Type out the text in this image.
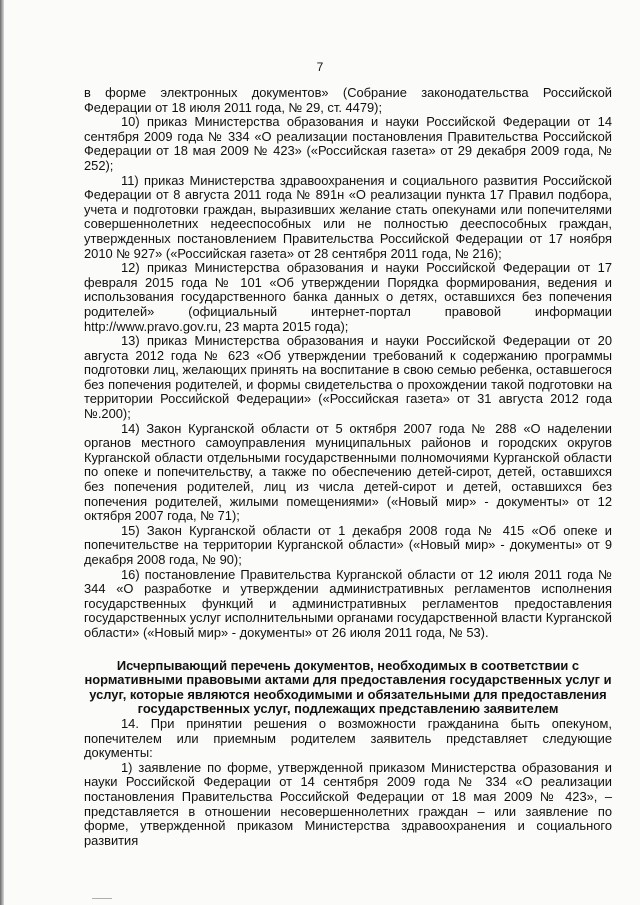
7

в форме электронных документов» (Собрание законодательства Российской Федерации от 18 июля 2011 года, № 29, ст. 4479);

10) приказ Министерства образования и науки Российской Федерации от 14 сентября 2009 года № 334 «О реализации постановления Правительства Российской Федерации от 18 мая 2009 № 423» («Российская газета» от 29 декабря 2009 года, № 252);

11) приказ Министерства здравоохранения и социального развития Российской Федерации от 8 августа 2011 года № 891н «О реализации пункта 17 Правил подбора, учета и подготовки граждан, выразивших желание стать опекунами или попечителями совершеннолетних недееспособных или не полностью дееспособных граждан, утвержденных постановлением Правительства Российской Федерации от 17 ноября 2010 № 927» («Российская газета» от 28 сентября 2011 года, № 216);

12) приказ Министерства образования и науки Российской Федерации от 17 февраля 2015 года № 101 «Об утверждении Порядка формирования, ведения и использования государственного банка данных о детях, оставшихся без попечения родителей» (официальный интернет-портал правовой информации http://www.pravo.gov.ru, 23 марта 2015 года);

13) приказ Министерства образования и науки Российской Федерации от 20 августа 2012 года № 623 «Об утверждении требований к содержанию программы подготовки лиц, желающих принять на воспитание в свою семью ребенка, оставшегося без попечения родителей, и формы свидетельства о прохождении такой подготовки на территории Российской Федерации» («Российская газета» от 31 августа 2012 года №.200);

14) Закон Курганской области от 5 октября 2007 года № 288 «О наделении органов местного самоуправления муниципальных районов и городских округов Курганской области отдельными государственными полномочиями Курганской области по опеке и попечительству, а также по обеспечению детей-сирот, детей, оставшихся без попечения родителей, лиц из числа детей-сирот и детей, оставшихся без попечения родителей, жилыми помещениями» («Новый мир» - документы» от 12 октября 2007 года, № 71);

15) Закон Курганской области от 1 декабря 2008 года № 415 «Об опеке и попечительстве на территории Курганской области» («Новый мир» - документы» от 9 декабря 2008 года, № 90);

16) постановление Правительства Курганской области от 12 июля 2011 года № 344 «О разработке и утверждении административных регламентов исполнения государственных функций и административных регламентов предоставления государственных услуг исполнительными органами государственной власти Курганской области» («Новый мир» - документы» от 26 июля 2011 года, № 53).

Исчерпывающий перечень документов, необходимых в соответствии с нормативными правовыми актами для предоставления государственных услуг и услуг, которые являются необходимыми и обязательными для предоставления государственных услуг, подлежащих представлению заявителем

14. При принятии решения о возможности гражданина быть опекуном, попечителем или приемным родителем заявитель представляет следующие документы:

1) заявление по форме, утвержденной приказом Министерства образования и науки Российской Федерации от 14 сентября 2009 года № 334 «О реализации постановления Правительства Российской Федерации от 18 мая 2009 № 423», – представляется в отношении несовершеннолетних граждан – или заявление по форме, утвержденной приказом Министерства здравоохранения и социального развития
